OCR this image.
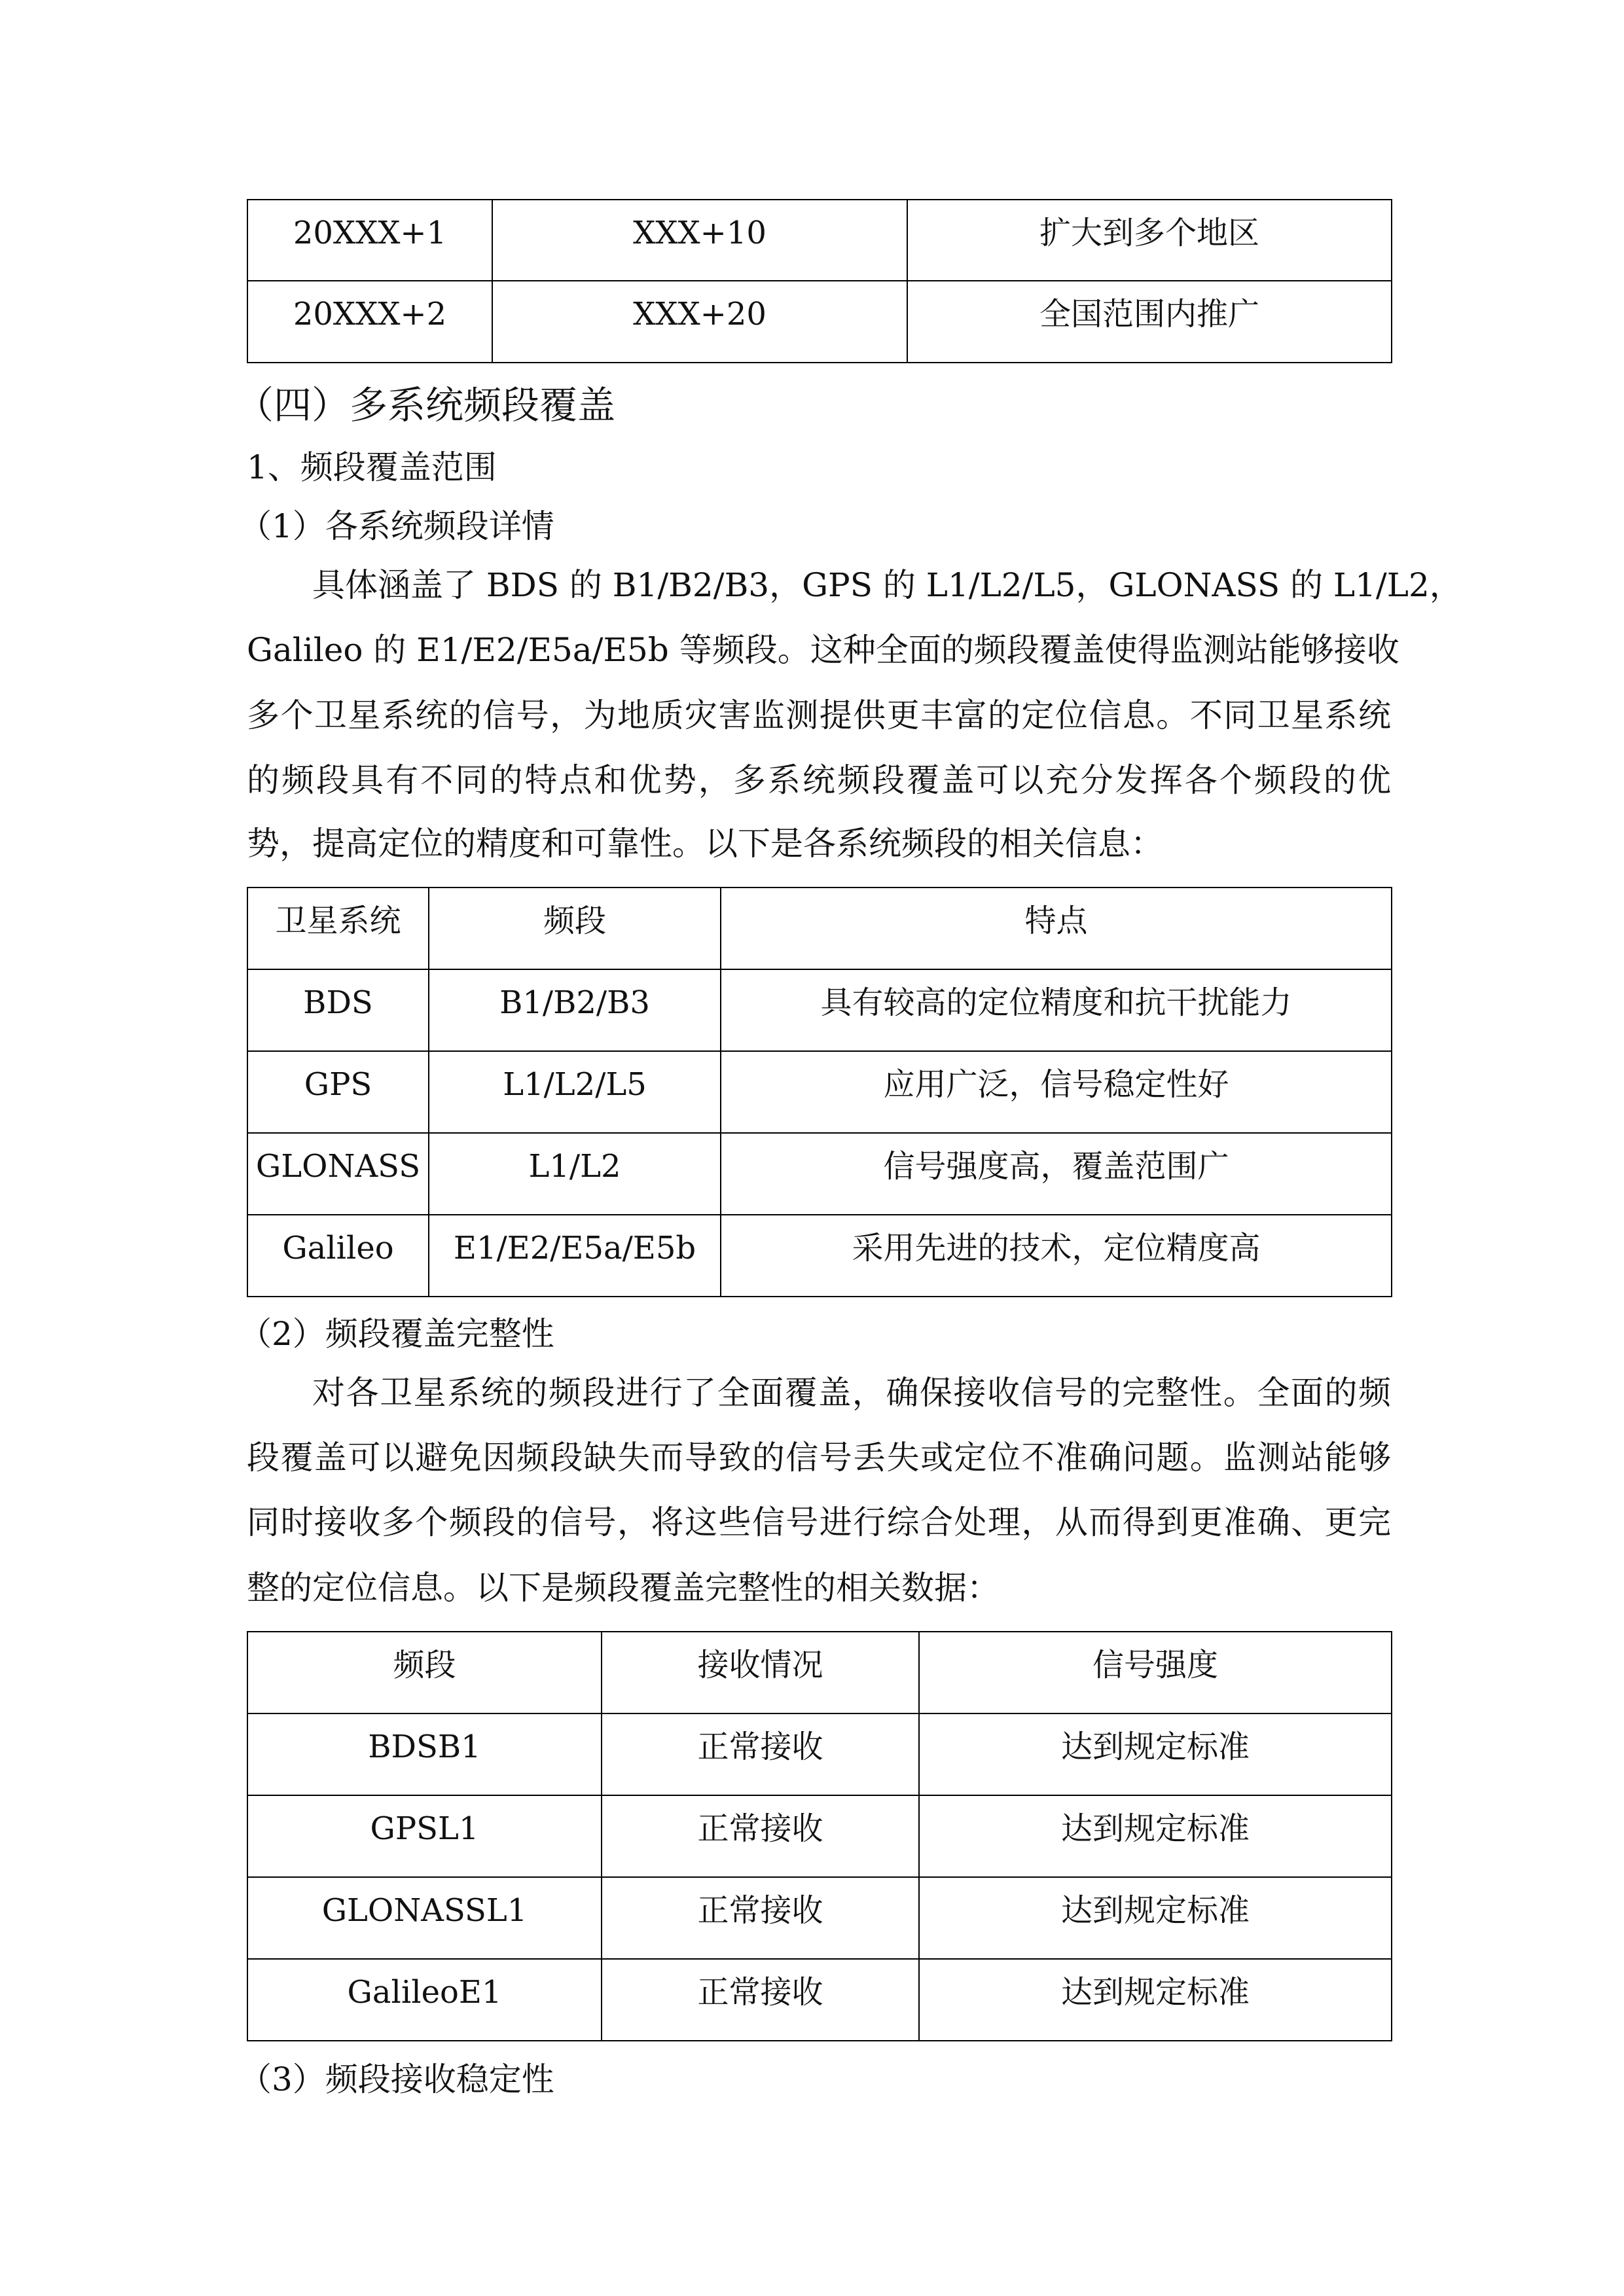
20XXX+1	XXX+10	扩大到多个地区
20XXX+2	XXX+20	全国范围内推广
（四）多系统频段覆盖
1、频段覆盖范围
（1）各系统频段详情
具体涵盖了 BDS 的 B1/B2/B3，GPS 的 L1/L2/L5，GLONASS 的 L1/L2，
Galileo 的 E1/E2/E5a/E5b 等频段。这种全面的频段覆盖使得监测站能够接收
多个卫星系统的信号，为地质灾害监测提供更丰富的定位信息。不同卫星系统
的频段具有不同的特点和优势，多系统频段覆盖可以充分发挥各个频段的优
势，提高定位的精度和可靠性。以下是各系统频段的相关信息：
卫星系统	频段	特点
BDS	B1/B2/B3	具有较高的定位精度和抗干扰能力
GPS	L1/L2/L5	应用广泛，信号稳定性好
GLONASS	L1/L2	信号强度高，覆盖范围广
Galileo	E1/E2/E5a/E5b	采用先进的技术，定位精度高
（2）频段覆盖完整性
对各卫星系统的频段进行了全面覆盖，确保接收信号的完整性。全面的频
段覆盖可以避免因频段缺失而导致的信号丢失或定位不准确问题。监测站能够
同时接收多个频段的信号，将这些信号进行综合处理，从而得到更准确、更完
整的定位信息。以下是频段覆盖完整性的相关数据：
频段	接收情况	信号强度
BDSB1	正常接收	达到规定标准
GPSL1	正常接收	达到规定标准
GLONASSL1	正常接收	达到规定标准
GalileoE1	正常接收	达到规定标准
（3）频段接收稳定性
